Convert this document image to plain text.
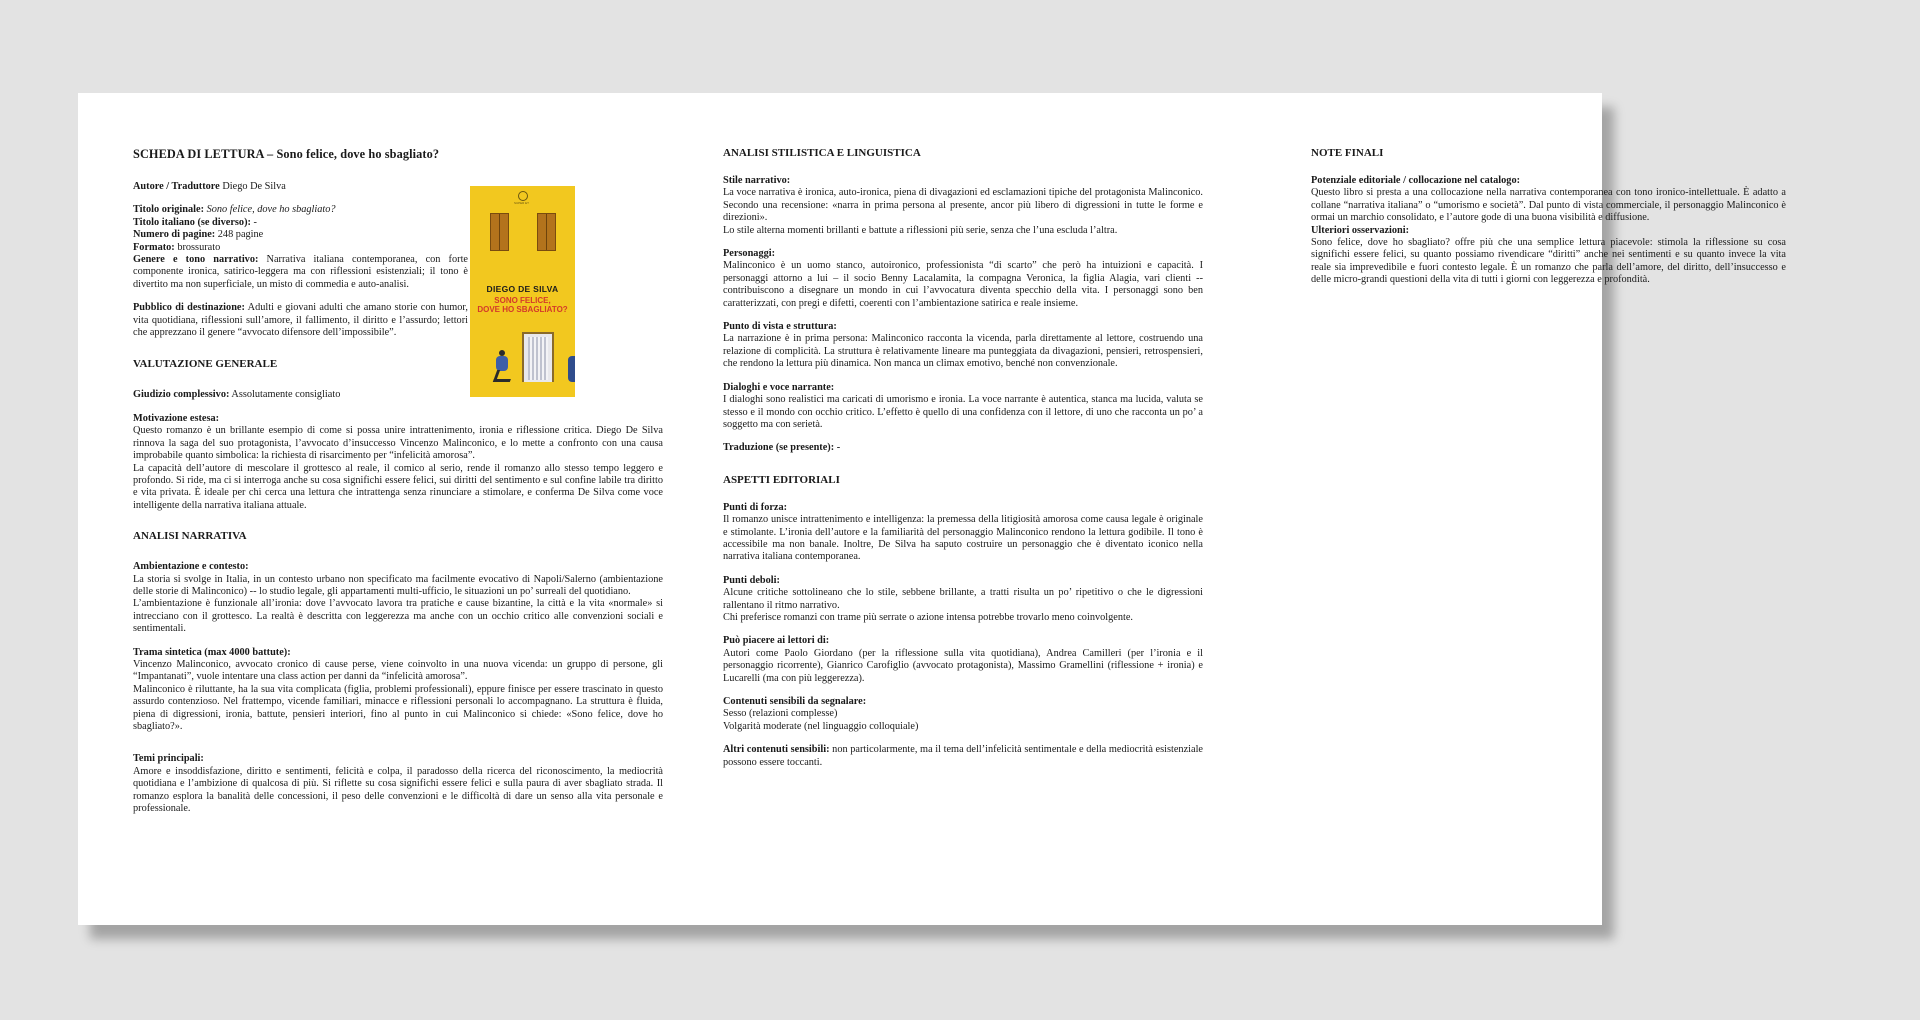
SCHEDA DI LETTURA – Sono felice, dove ho sbagliato?

Autore / Traduttore Diego De Silva

Titolo originale: Sono felice, dove ho sbagliato?

Titolo italiano (se diverso): -

Numero di pagine: 248 pagine

Formato: brossurato

Genere e tono narrativo: Narrativa italiana contemporanea, con forte componente ironica, satirico-leggera ma con riflessioni esistenziali; il tono è divertito ma non superficiale, un misto di commedia e auto-analisi.

Pubblico di destinazione: Adulti e giovani adulti che amano storie con humor, vita quotidiana, riflessioni sull’amore, il fallimento, il diritto e l’assurdo; lettori che apprezzano il genere “avvocato difensore dell’impossibile”.

VALUTAZIONE GENERALE

Giudizio complessivo: Assolutamente consigliato

Motivazione estesa:

Questo romanzo è un brillante esempio di come si possa unire intrattenimento, ironia e riflessione critica. Diego De Silva rinnova la saga del suo protagonista, l’avvocato d’insuccesso Vincenzo Malinconico, e lo mette a confronto con una causa improbabile quanto simbolica: la richiesta di risarcimento per “infelicità amorosa”.

La capacità dell’autore di mescolare il grottesco al reale, il comico al serio, rende il romanzo allo stesso tempo leggero e profondo. Si ride, ma ci si interroga anche su cosa significhi essere felici, sui diritti del sentimento e sul confine labile tra diritto e vita privata. È ideale per chi cerca una lettura che intrattenga senza rinunciare a stimolare, e conferma De Silva come voce intelligente della narrativa italiana attuale.

ANALISI NARRATIVA

Ambientazione e contesto:

La storia si svolge in Italia, in un contesto urbano non specificato ma facilmente evocativo di Napoli/Salerno (ambientazione delle storie di Malinconico) -- lo studio legale, gli appartamenti multi-ufficio, le situazioni un po’ surreali del quotidiano.

L’ambientazione è funzionale all’ironia: dove l’avvocato lavora tra pratiche e cause bizantine, la città e la vita «normale» si intrecciano con il grottesco. La realtà è descritta con leggerezza ma anche con un occhio critico alle convenzioni sociali e sentimentali.

Trama sintetica (max 4000 battute):

Vincenzo Malinconico, avvocato cronico di cause perse, viene coinvolto in una nuova vicenda: un gruppo di persone, gli “Impantanati”, vuole intentare una class action per danni da “infelicità amorosa”.

Malinconico è riluttante, ha la sua vita complicata (figlia, problemi professionali), eppure finisce per essere trascinato in questo assurdo contenzioso. Nel frattempo, vicende familiari, minacce e riflessioni personali lo accompagnano. La struttura è fluida, piena di digressioni, ironia, battute, pensieri interiori, fino al punto in cui Malinconico si chiede: «Sono felice, dove ho sbagliato?».

Temi principali:

Amore e insoddisfazione, diritto e sentimenti, felicità e colpa, il paradosso della ricerca del riconoscimento, la mediocrità quotidiana e l’ambizione di qualcosa di più. Si riflette su cosa significhi essere felici e sulla paura di aver sbagliato strada. Il romanzo esplora la banalità delle concessioni, il peso delle convenzioni e le difficoltà di dare un senso alla vita personale e professionale.

SUPER ET
DIEGO DE SILVA
SONO FELICE,
DOVE HO SBAGLIATO?
ANALISI STILISTICA E LINGUISTICA

Stile narrativo:

La voce narrativa è ironica, auto-ironica, piena di divagazioni ed esclamazioni tipiche del protagonista Malinconico. Secondo una recensione: «narra in prima persona al presente, ancor più libero di digressioni in tutte le forme e direzioni».

Lo stile alterna momenti brillanti e battute a riflessioni più serie, senza che l’una escluda l’altra.

Personaggi:

Malinconico è un uomo stanco, autoironico, professionista “di scarto” che però ha intuizioni e capacità. I personaggi attorno a lui – il socio Benny Lacalamita, la compagna Veronica, la figlia Alagia, vari clienti -- contribuiscono a disegnare un mondo in cui l’avvocatura diventa specchio della vita. I personaggi sono ben caratterizzati, con pregi e difetti, coerenti con l’ambientazione satirica e reale insieme.

Punto di vista e struttura:

La narrazione è in prima persona: Malinconico racconta la vicenda, parla direttamente al lettore, costruendo una relazione di complicità. La struttura è relativamente lineare ma punteggiata da divagazioni, pensieri, retrospensieri, che rendono la lettura più dinamica. Non manca un climax emotivo, benché non convenzionale.

Dialoghi e voce narrante:

I dialoghi sono realistici ma caricati di umorismo e ironia. La voce narrante è autentica, stanca ma lucida, valuta se stesso e il mondo con occhio critico. L’effetto è quello di una confidenza con il lettore, di uno che racconta un po’ a soggetto ma con serietà.

Traduzione (se presente): -

ASPETTI EDITORIALI

Punti di forza:

Il romanzo unisce intrattenimento e intelligenza: la premessa della litigiosità amorosa come causa legale è originale e stimolante. L’ironia dell’autore e la familiarità del personaggio Malinconico rendono la lettura godibile. Il tono è accessibile ma non banale. Inoltre, De Silva ha saputo costruire un personaggio che è diventato iconico nella narrativa italiana contemporanea.

Punti deboli:

Alcune critiche sottolineano che lo stile, sebbene brillante, a tratti risulta un po’ ripetitivo o che le digressioni rallentano il ritmo narrativo.

Chi preferisce romanzi con trame più serrate o azione intensa potrebbe trovarlo meno coinvolgente.

Può piacere ai lettori di:

Autori come Paolo Giordano (per la riflessione sulla vita quotidiana), Andrea Camilleri (per l’ironia e il personaggio ricorrente), Gianrico Carofiglio (avvocato protagonista), Massimo Gramellini (riflessione + ironia) e Lucarelli (ma con più leggerezza).

Contenuti sensibili da segnalare:

Sesso (relazioni complesse)

Volgarità moderate (nel linguaggio colloquiale)

Altri contenuti sensibili: non particolarmente, ma il tema dell’infelicità sentimentale e della mediocrità esistenziale possono essere toccanti.

NOTE FINALI

Potenziale editoriale / collocazione nel catalogo:

Questo libro si presta a una collocazione nella narrativa contemporanea con tono ironico-intellettuale. È adatto a collane “narrativa italiana” o “umorismo e società”. Dal punto di vista commerciale, il personaggio Malinconico è ormai un marchio consolidato, e l’autore gode di una buona visibilità e diffusione.

Ulteriori osservazioni:

Sono felice, dove ho sbagliato? offre più che una semplice lettura piacevole: stimola la riflessione su cosa significhi essere felici, su quanto possiamo rivendicare “diritti” anche nei sentimenti e su quanto invece la vita reale sia imprevedibile e fuori contesto legale. È un romanzo che parla dell’amore, del diritto, dell’insuccesso e delle micro-grandi questioni della vita di tutti i giorni con leggerezza e profondità.
